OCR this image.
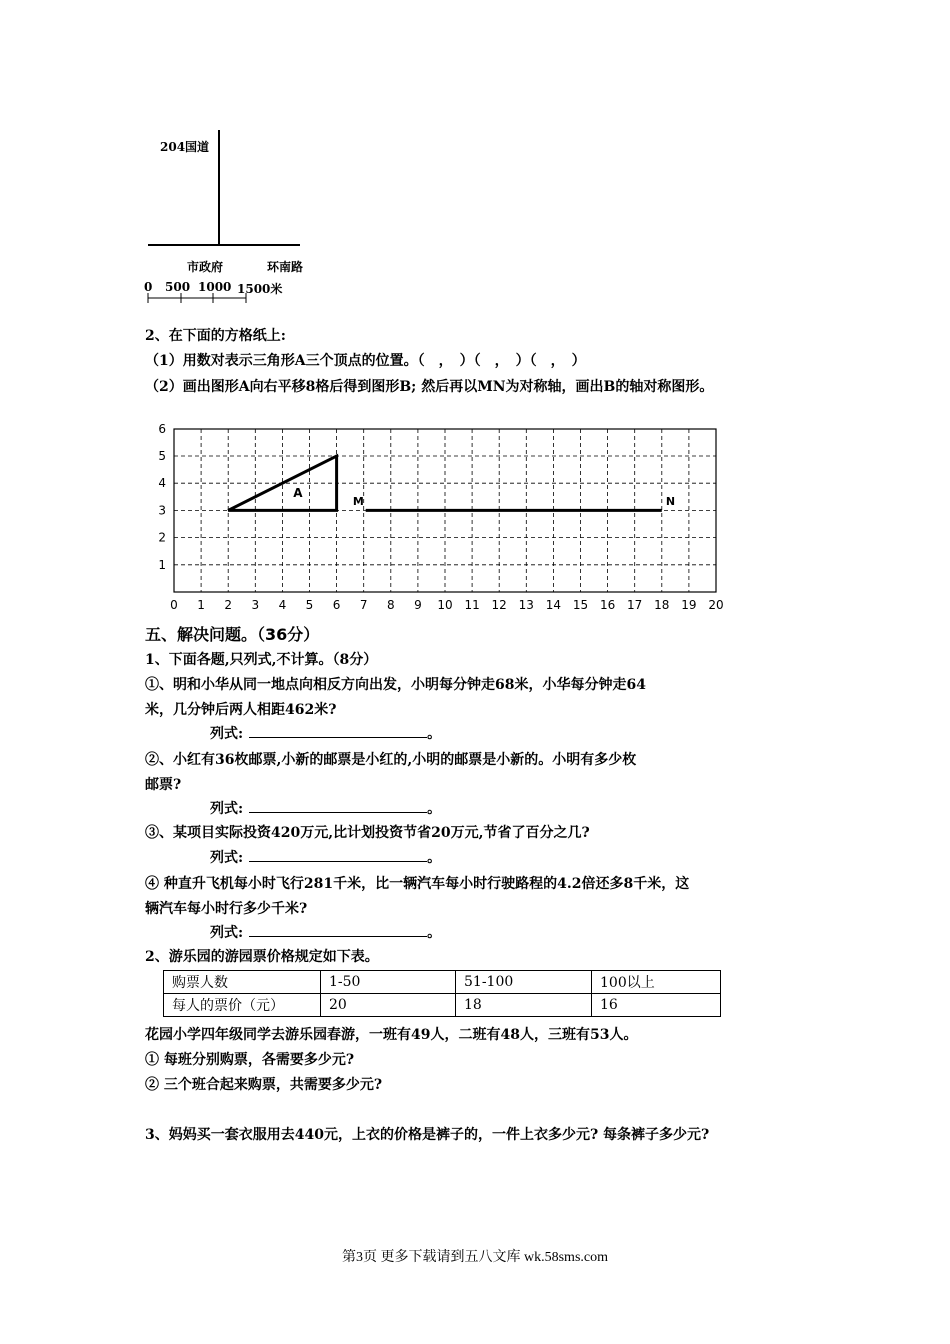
204国道
市政府	环南路
0 500 1000 1500米
2、在下面的方格纸上:
（1）用数对表示三角形A三个顶点的位置。（　，　）（　，　）（　，　）
（2）画出图形A向右平移8格后得到图形B; 然后再以MN为对称轴，画出B的轴对称图形。
A
M	N
0 1 2 3 4 5 6 7 8 9 10 11 12 13 14 15 16 17 18 19 20
1
2
3
4
5
6
五、解决问题。（36分）
1、下面各题,只列式,不计算。（8分）
①、明和小华从同一地点向相反方向出发，小明每分钟走68米，小华每分钟走64
米，几分钟后两人相距462米?
列式:	。
②、小红有36枚邮票,小新的邮票是小红的,小明的邮票是小新的。小明有多少枚
邮票?
列式:	。
③、某项目实际投资420万元,比计划投资节省20万元,节省了百分之几?
列式:	。
④ 种直升飞机每小时飞行281千米，比一辆汽车每小时行驶路程的4.2倍还多8千米，这
辆汽车每小时行多少千米?
列式:	。
2、游乐园的游园票价格规定如下表。
购票人数	1-50	51-100	100以上
每人的票价（元）	20	18	16
花园小学四年级同学去游乐园春游，一班有49人，二班有48人，三班有53人。
① 每班分别购票，各需要多少元?
② 三个班合起来购票，共需要多少元?
3、妈妈买一套衣服用去440元，上衣的价格是裤子的，一件上衣多少元? 每条裤子多少元?
第3页 更多下载请到五八文库 wk.58sms.com
